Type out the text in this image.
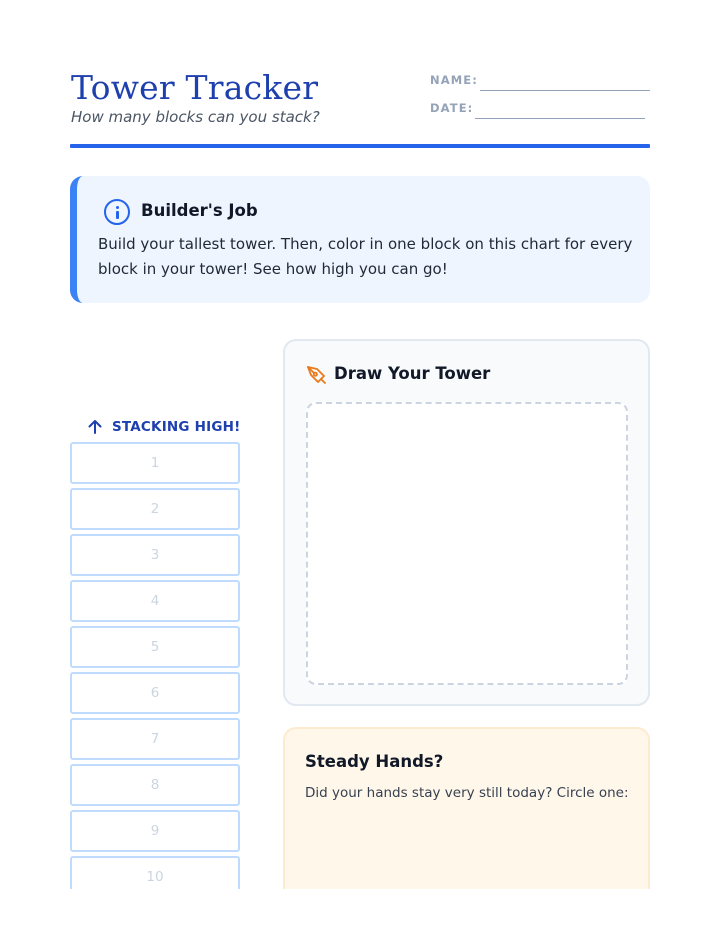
Tower Tracker
How many blocks can you stack?
NAME:
DATE:
Builder's Job
Build your tallest tower. Then, color in one block on this chart for every block in your tower! See how high you can go!
STACKING HIGH!
1
2
3
4
5
6
7
8
9
10
Draw Your Tower
Steady Hands?
Did your hands stay very still today? Circle one:
